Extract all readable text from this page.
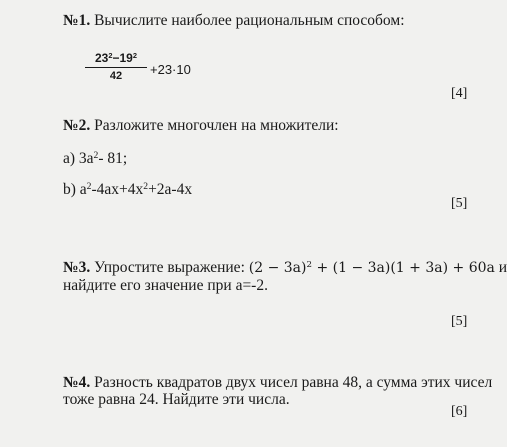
№1. Вычислите наиболее рациональным способом:
$23^2-19^2$
42	+23·10
[4]
№2. Разложите многочлен на множители:
а) $3а^2-$ 81;
b) $a^2-4ax+4x^2+2a-4x$
[5]
№3. Упростите выражение: $(2 - 3a)^2 + (1 - 3a)(1 + 3a) + 60a$ и
найдите его значение при а=-2.
[5]
№4. Разность квадратов двух чисел равна 48, а сумма этих чисел
тоже равна 24. Найдите эти числа.
[6]
